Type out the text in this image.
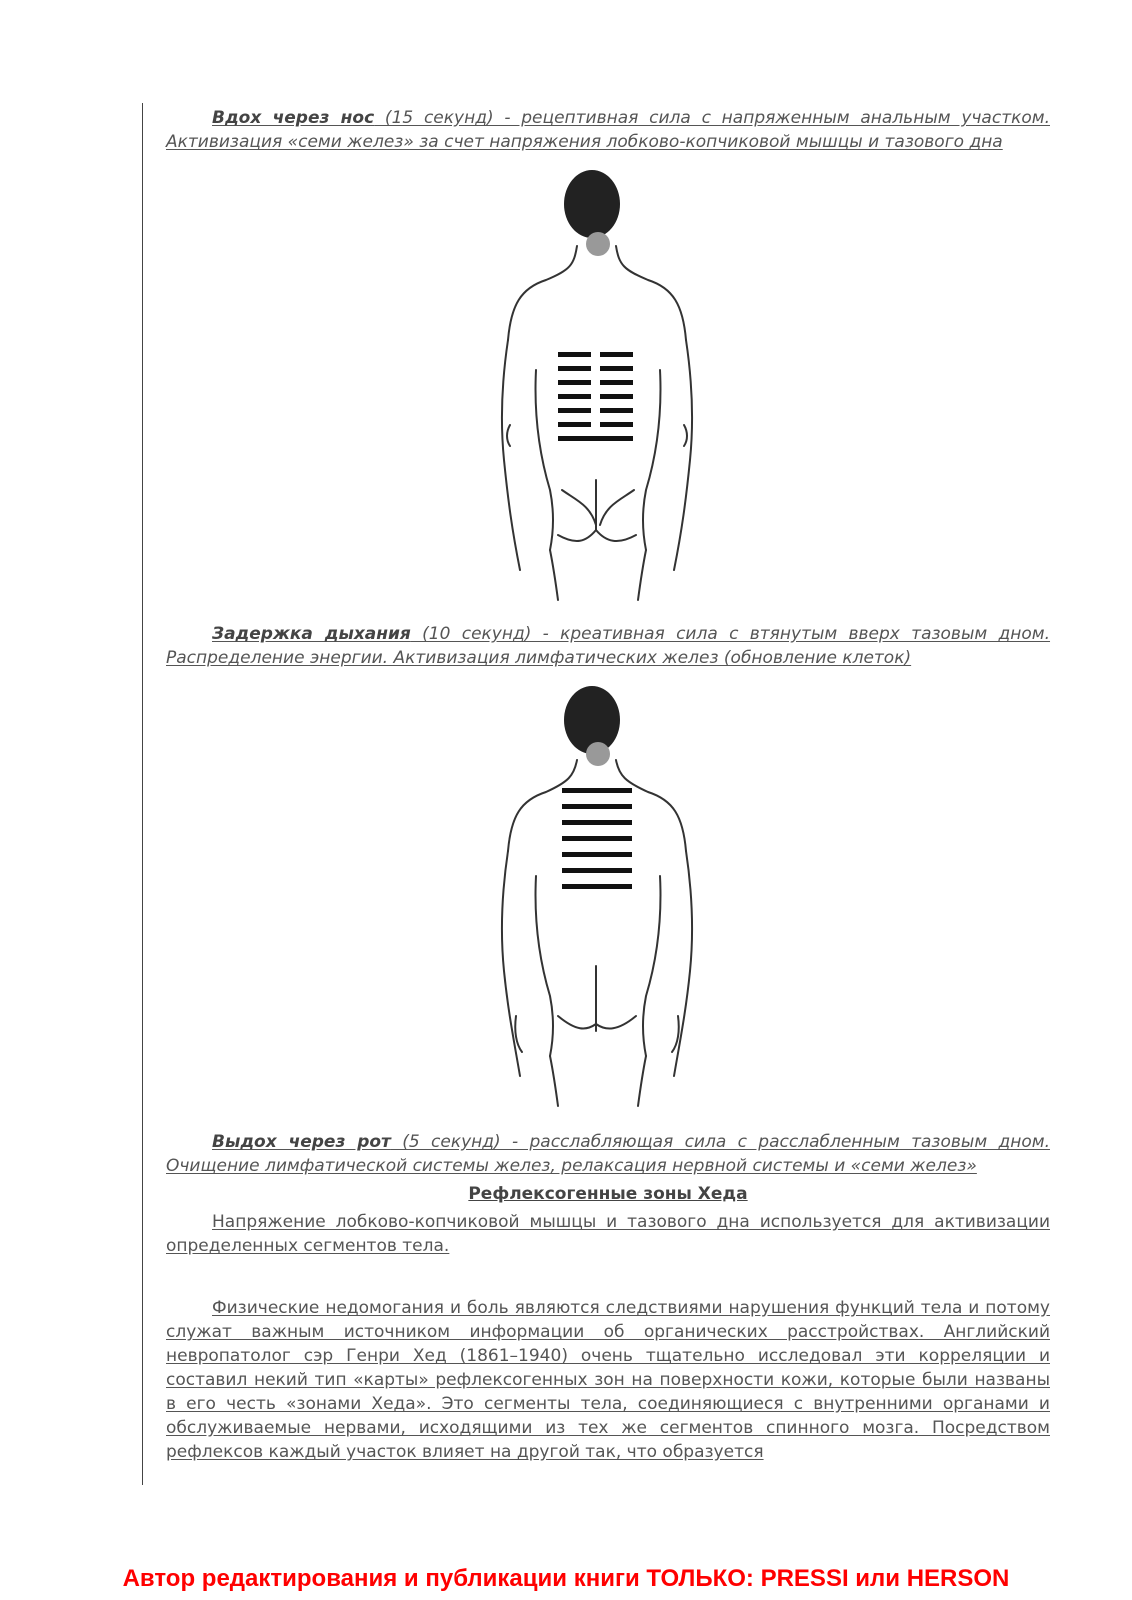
Вдох через нос (15 секунд) - рецептивная сила с напряженным анальным участком. Активизация «семи желез» за счет напряжения лобково-копчиковой мышцы и тазового дна

Задержка дыхания (10 секунд) - креативная сила с втянутым вверх тазовым дном. Распределение энергии. Активизация лимфатических желез (обновление клеток)

Выдох через рот (5 секунд) - расслабляющая сила с расслабленным тазовым дном. Очищение лимфатической системы желез, релаксация нервной системы и «семи желез»

Рефлексогенные зоны Хеда

Напряжение лобково-копчиковой мышцы и тазового дна используется для активизации определенных сегментов тела.

Физические недомогания и боль являются следствиями нарушения функций тела и потому служат важным источником информации об органических расстройствах. Английский невропатолог сэр Генри Хед (1861–1940) очень тщательно исследовал эти корреляции и составил некий тип «карты» рефлексогенных зон на поверхности кожи, которые были названы в его честь «зонами Хеда». Это сегменты тела, соединяющиеся с внутренними органами и обслуживаемые нервами, исходящими из тех же сегментов спинного мозга. Посредством рефлексов каждый участок влияет на другой так, что образуется

Автор редактирования и публикации книги ТОЛЬКО: PRESSI или HERSON
